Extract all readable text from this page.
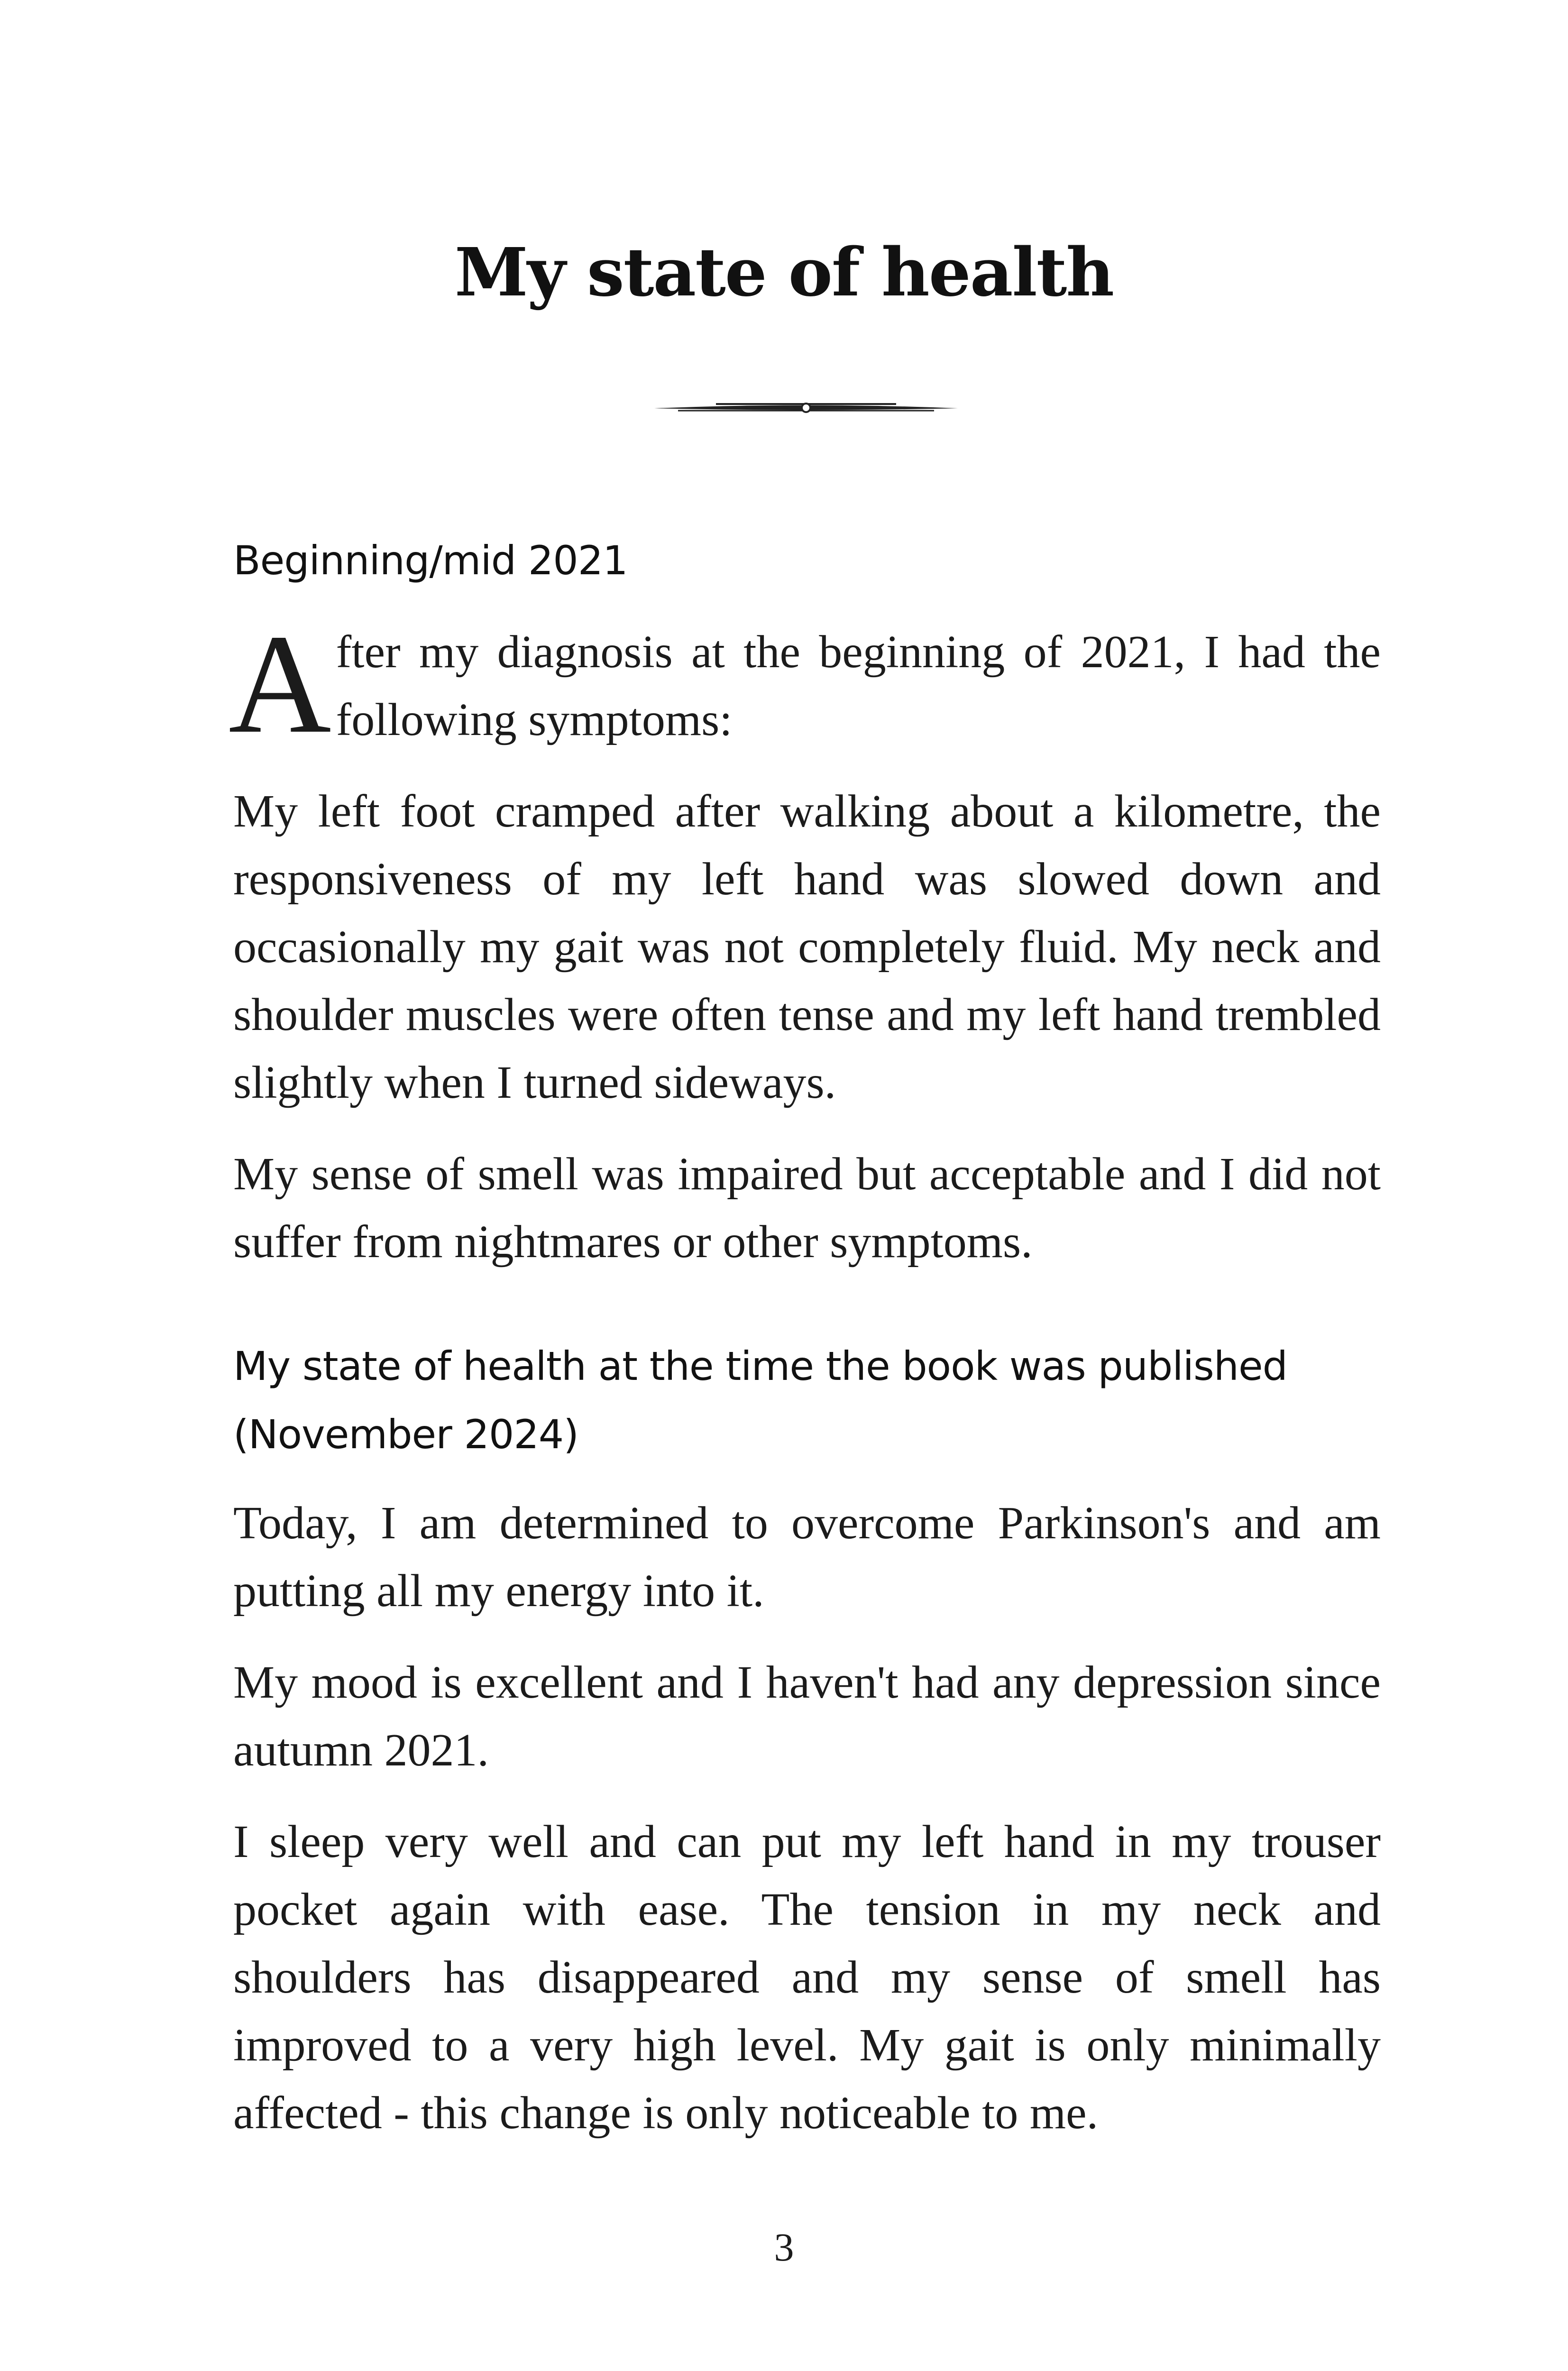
My state of health
Beginning/mid 2021

After my diagnosis at the beginning of 2021, I had the following symptoms:

My left foot cramped after walking about a kilometre, the responsiveness of my left hand was slowed down and occasionally my gait was not completely fluid. My neck and shoulder muscles were often tense and my left hand trembled slightly when I turned sideways.

My sense of smell was impaired but acceptable and I did not suffer from nightmares or other symptoms.

My state of health at the time the book was published (November 2024)

Today, I am determined to overcome Parkinson's and am putting all my energy into it.

My mood is excellent and I haven't had any depression since autumn 2021.

I sleep very well and can put my left hand in my trouser pocket again with ease. The tension in my neck and shoulders has disappeared and my sense of smell has improved to a very high level. My gait is only minimally affected - this change is only noticeable to me.

3
